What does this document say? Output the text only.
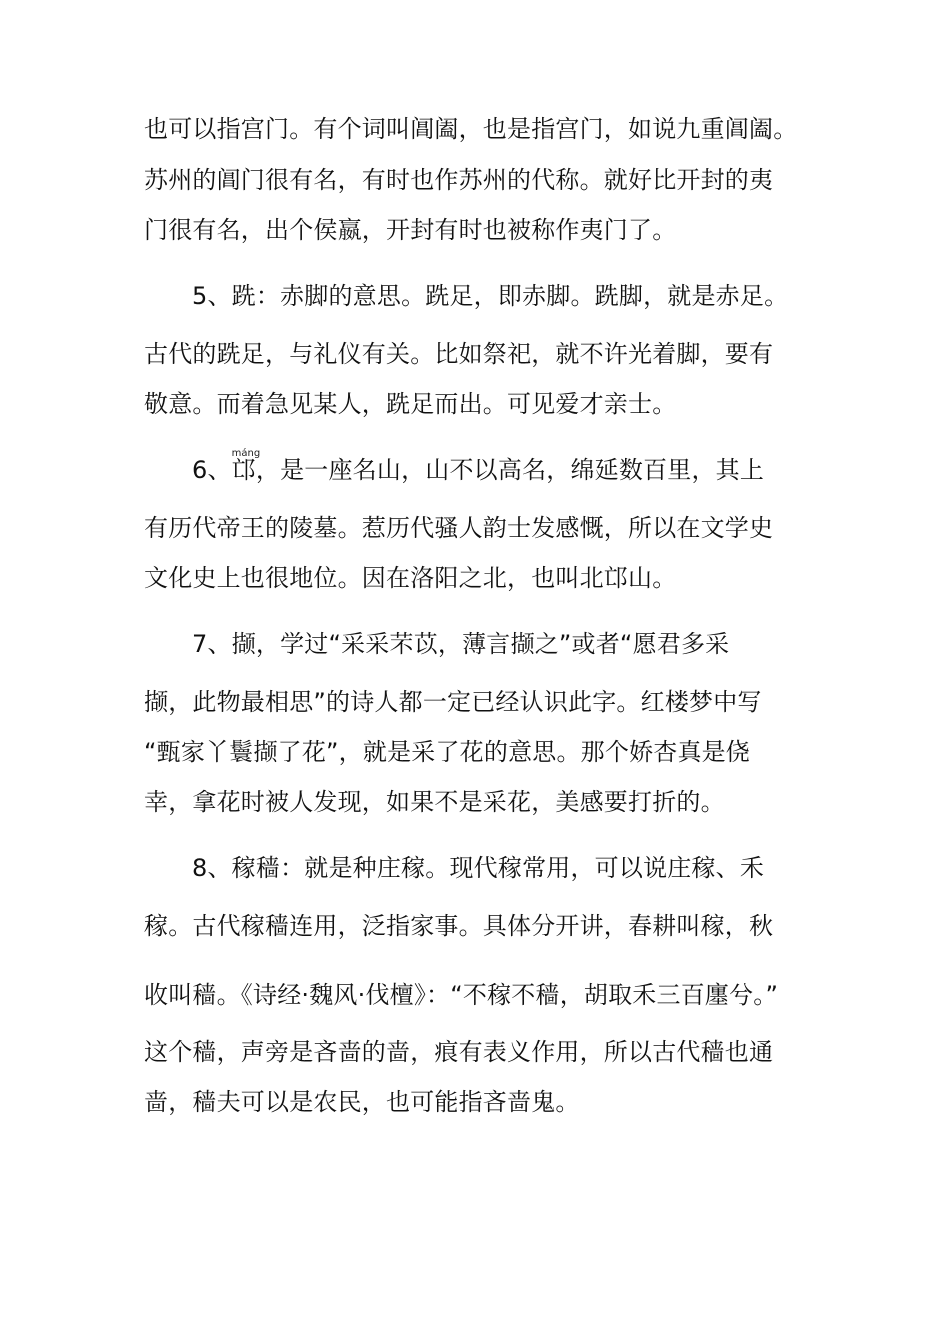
也可以指宫门。有个词叫阊阖，也是指宫门，如说九重阊阖。
苏州的阊门很有名，有时也作苏州的代称。就好比开封的夷
门很有名，出个侯嬴，开封有时也被称作夷门了。
5、跣：赤脚的意思。跣足，即赤脚。跣脚，就是赤足。
古代的跣足，与礼仪有关。比如祭祀，就不许光着脚，要有
敬意。而着急见某人，跣足而出。可见爱才亲士。
6、
máng
邙，是一座名山，山不以高名，绵延数百里，其上
有历代帝王的陵墓。惹历代骚人韵士发感慨，所以在文学史
文化史上也很地位。因在洛阳之北，也叫北邙山。
7、撷，学过“采采芣苡，薄言撷之”或者“愿君多采
撷，此物最相思”的诗人都一定已经认识此字。红楼梦中写
“甄家丫鬟撷了花”，就是采了花的意思。那个娇杏真是侥
幸，拿花时被人发现，如果不是采花，美感要打折的。
8、稼穑：就是种庄稼。现代稼常用，可以说庄稼、禾
稼。古代稼穑连用，泛指家事。具体分开讲，春耕叫稼，秋
收叫穑。《诗经·魏风·伐檀》：“不稼不穑，胡取禾三百廛兮。”
这个穑，声旁是吝啬的啬，痕有表义作用，所以古代穑也通
啬，穑夫可以是农民，也可能指吝啬鬼。
